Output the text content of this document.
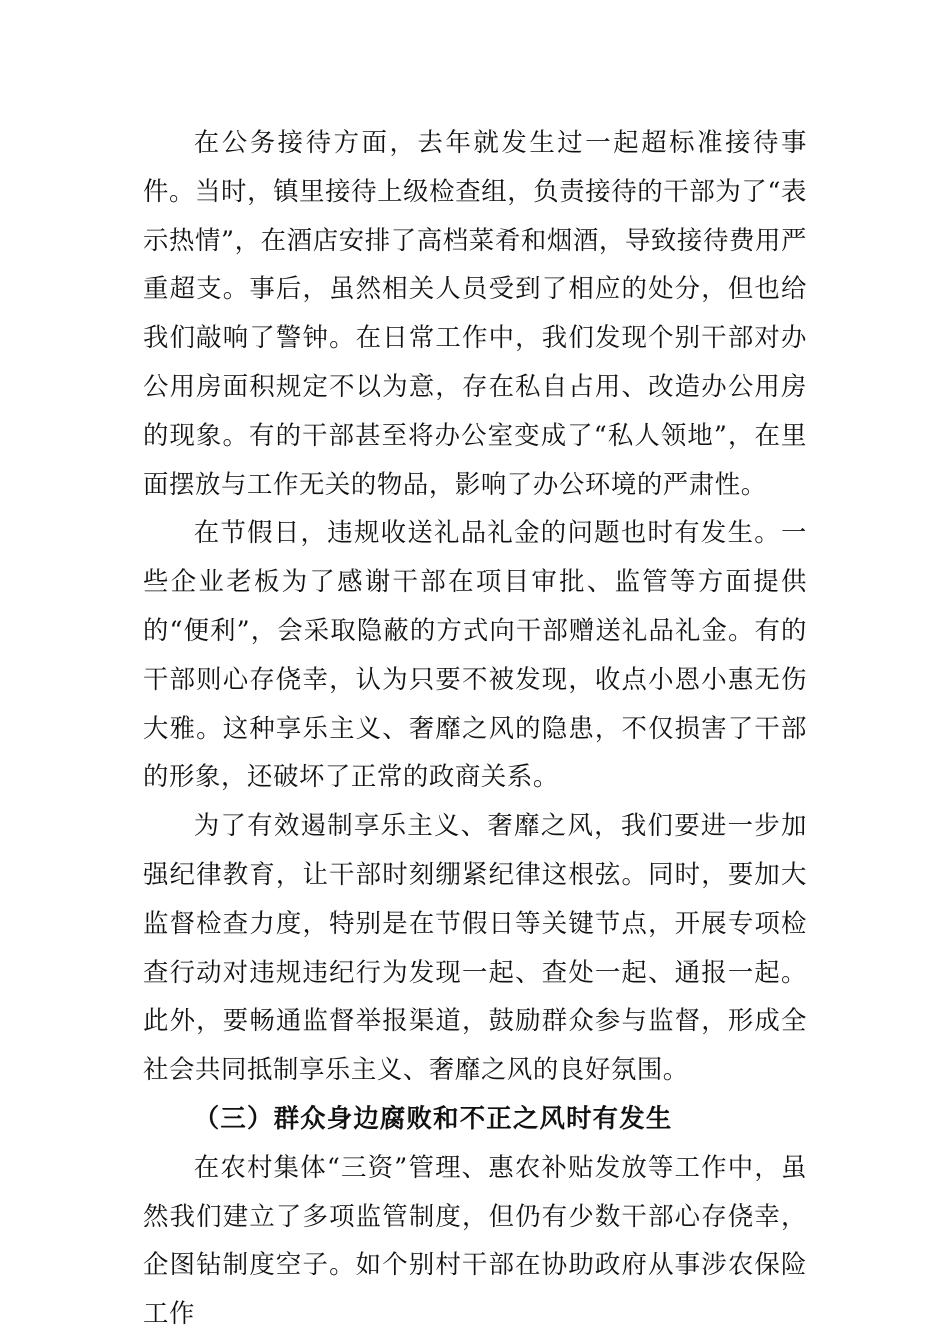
在公务接待方面，去年就发生过一起超标准接待事件。当时，镇里接待上级检查组，负责接待的干部为了“表示热情”，在酒店安排了高档菜肴和烟酒，导致接待费用严重超支。事后，虽然相关人员受到了相应的处分，但也给我们敲响了警钟。在日常工作中，我们发现个别干部对办公用房面积规定不以为意，存在私自占用、改造办公用房的现象。有的干部甚至将办公室变成了“私人领地”，在里面摆放与工作无关的物品，影响了办公环境的严肃性。

在节假日，违规收送礼品礼金的问题也时有发生。一些企业老板为了感谢干部在项目审批、监管等方面提供的“便利”，会采取隐蔽的方式向干部赠送礼品礼金。有的干部则心存侥幸，认为只要不被发现，收点小恩小惠无伤大雅。这种享乐主义、奢靡之风的隐患，不仅损害了干部的形象，还破坏了正常的政商关系。

为了有效遏制享乐主义、奢靡之风，我们要进一步加强纪律教育，让干部时刻绷紧纪律这根弦。同时，要加大监督检查力度，特别是在节假日等关键节点，开展专项检查行动对违规违纪行为发现一起、查处一起、通报一起。此外，要畅通监督举报渠道，鼓励群众参与监督，形成全社会共同抵制享乐主义、奢靡之风的良好氛围。

（三）群众身边腐败和不正之风时有发生

在农村集体“三资”管理、惠农补贴发放等工作中，虽然我们建立了多项监管制度，但仍有少数干部心存侥幸，企图钻制度空子。如个别村干部在协助政府从事涉农保险工作
